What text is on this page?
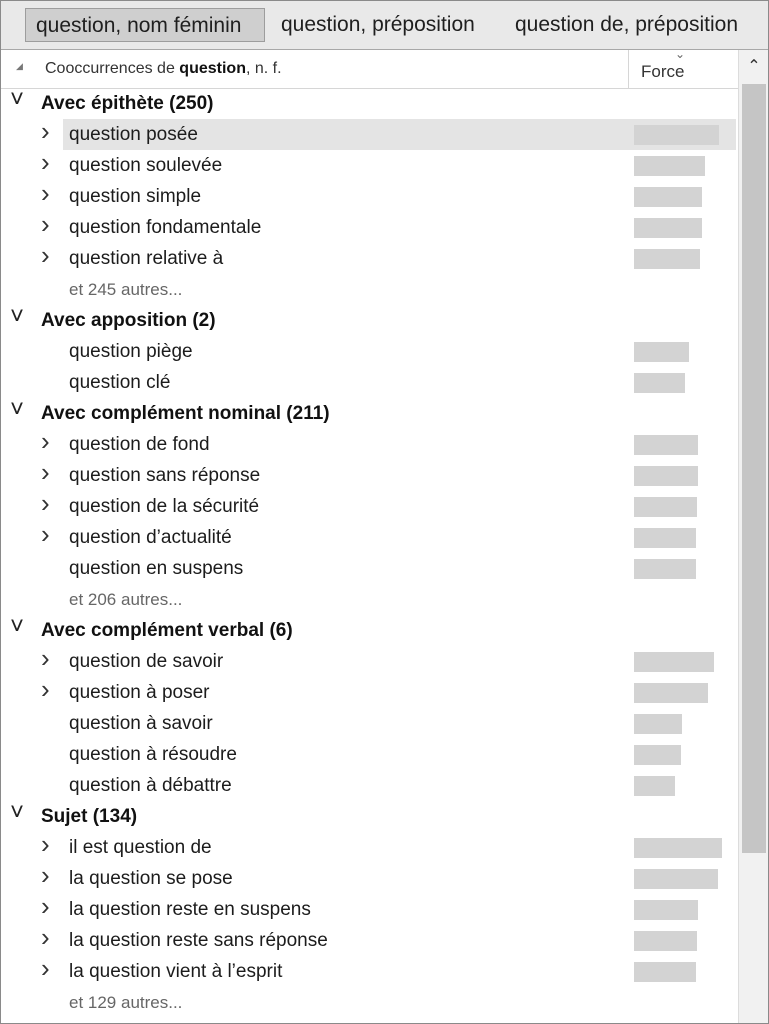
question, nom féminin	question, préposition	question de, préposition
◢ Cooccurrences de question, n. f.	Force
⌄
˅ Avec épithète (250)
› question posée
› question soulevée
› question simple
› question fondamentale
› question relative à
et 245 autres...
˅ Avec apposition (2)
question piège
question clé
˅ Avec complément nominal (211)
› question de fond
› question sans réponse
› question de la sécurité
› question d’actualité
question en suspens
et 206 autres...
˅ Avec complément verbal (6)
› question de savoir
› question à poser
question à savoir
question à résoudre
question à débattre
˅ Sujet (134)
› il est question de
› la question se pose
› la question reste en suspens
› la question reste sans réponse
› la question vient à l’esprit
et 129 autres...
⌃
